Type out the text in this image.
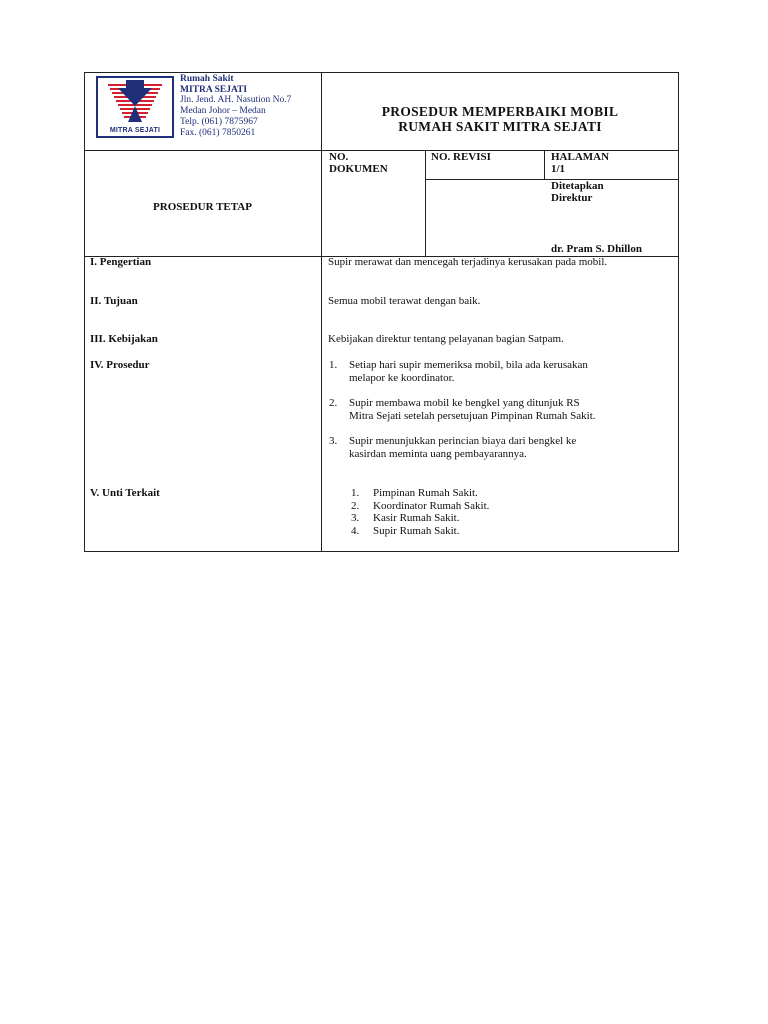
MITRA SEJATI
Rumah Sakit
MITRA SEJATI
Jln. Jend. AH. Nasution No.7
Medan Johor – Medan
Telp. (061) 7875967
Fax. (061) 7850261
PROSEDUR MEMPERBAIKI MOBIL
RUMAH SAKIT MITRA SEJATI
PROSEDUR TETAP
NO.
DOKUMEN
NO. REVISI	HALAMAN
1/1
Ditetapkan
Direktur
dr. Pram S. Dhillon
I. Pengertian
II. Tujuan
III. Kebijakan
IV. Prosedur
V. Unti Terkait
Supir merawat dan mencegah terjadinya kerusakan pada mobil.
Semua mobil terawat dengan baik.
Kebijakan direktur tentang pelayanan bagian Satpam.
1. Setiap hari supir memeriksa mobil, bila ada kerusakan
melapor ke koordinator.
2. Supir membawa mobil ke bengkel yang ditunjuk RS
Mitra Sejati setelah persetujuan Pimpinan Rumah Sakit.
3. Supir menunjukkan perincian biaya dari bengkel ke
kasirdan meminta uang pembayarannya.
1. Pimpinan Rumah Sakit.
2. Koordinator Rumah Sakit.
3. Kasir Rumah Sakit.
4. Supir Rumah Sakit.
